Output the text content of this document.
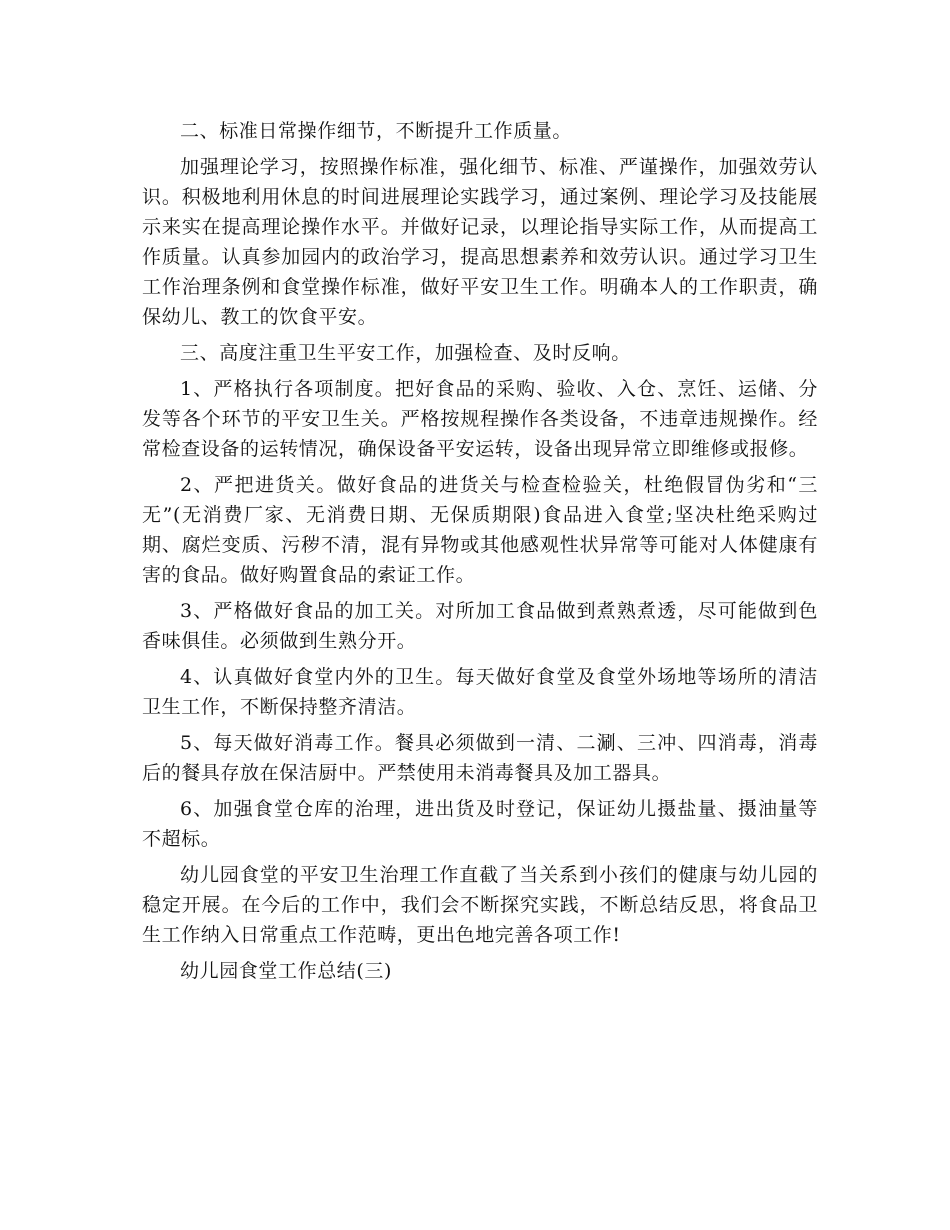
二、标准日常操作细节，不断提升工作质量。

加强理论学习，按照操作标准，强化细节、标准、严谨操作，加强效劳认识。积极地利用休息的时间进展理论实践学习，通过案例、理论学习及技能展示来实在提高理论操作水平。并做好记录，以理论指导实际工作，从而提高工作质量。认真参加园内的政治学习，提高思想素养和效劳认识。通过学习卫生工作治理条例和食堂操作标准，做好平安卫生工作。明确本人的工作职责，确保幼儿、教工的饮食平安。

三、高度注重卫生平安工作，加强检查、及时反响。

1、严格执行各项制度。把好食品的采购、验收、入仓、烹饪、运储、分发等各个环节的平安卫生关。严格按规程操作各类设备，不违章违规操作。经常检查设备的运转情况，确保设备平安运转，设备出现异常立即维修或报修。

2、严把进货关。做好食品的进货关与检查检验关，杜绝假冒伪劣和“三无”(无消费厂家、无消费日期、无保质期限)食品进入食堂;坚决杜绝采购过期、腐烂变质、污秽不清，混有异物或其他感观性状异常等可能对人体健康有害的食品。做好购置食品的索证工作。

3、严格做好食品的加工关。对所加工食品做到煮熟煮透，尽可能做到色香味俱佳。必须做到生熟分开。

4、认真做好食堂内外的卫生。每天做好食堂及食堂外场地等场所的清洁卫生工作，不断保持整齐清洁。

5、每天做好消毒工作。餐具必须做到一清、二涮、三冲、四消毒，消毒后的餐具存放在保洁厨中。严禁使用未消毒餐具及加工器具。

6、加强食堂仓库的治理，进出货及时登记，保证幼儿摄盐量、摄油量等不超标。

幼儿园食堂的平安卫生治理工作直截了当关系到小孩们的健康与幼儿园的稳定开展。在今后的工作中，我们会不断探究实践，不断总结反思，将食品卫生工作纳入日常重点工作范畴，更出色地完善各项工作!

幼儿园食堂工作总结(三)
